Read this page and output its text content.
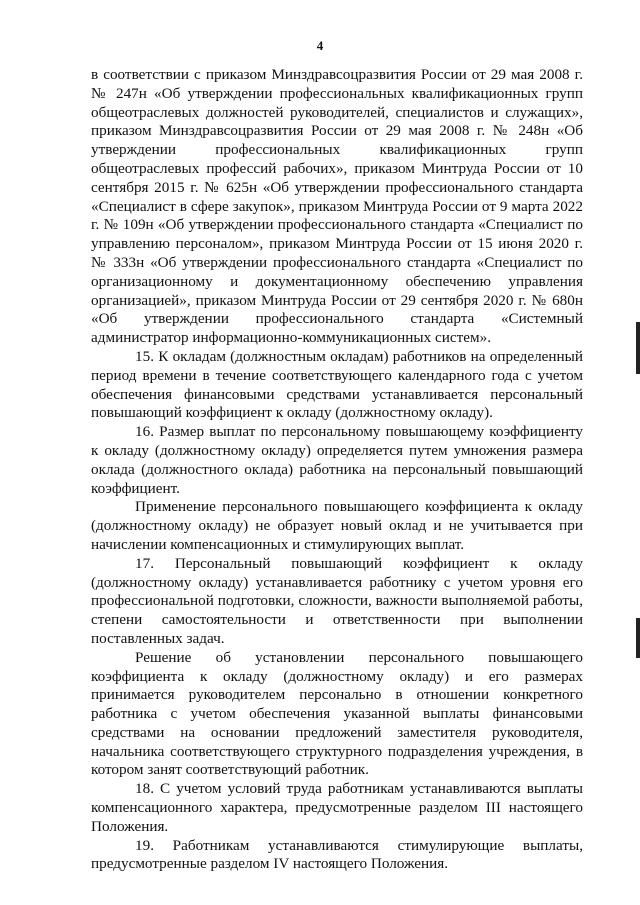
4

в соответствии с приказом Минздравсоцразвития России от 29 мая 2008 г. № 247н «Об утверждении профессиональных квалификационных групп общеотраслевых должностей руководителей, специалистов и служащих», приказом Минздравсоцразвития России от 29 мая 2008 г. № 248н «Об утверждении профессиональных квалификационных групп общеотраслевых профессий рабочих», приказом Минтруда России от 10 сентября 2015 г. № 625н «Об утверждении профессионального стандарта «Специалист в сфере закупок», приказом Минтруда России от 9 марта 2022 г. № 109н «Об утверждении профессионального стандарта «Специалист по управлению персоналом», приказом Минтруда России от 15 июня 2020 г. № 333н «Об утверждении профессионального стандарта «Специалист по организационному и документационному обеспечению управления организацией», приказом Минтруда России от 29 сентября 2020 г. № 680н «Об утверждении профессионального стандарта «Системный администратор информационно-коммуникационных систем».

15. К окладам (должностным окладам) работников на определенный период времени в течение соответствующего календарного года с учетом обеспечения финансовыми средствами устанавливается персональный повышающий коэффициент к окладу (должностному окладу).

16. Размер выплат по персональному повышающему коэффициенту к окладу (должностному окладу) определяется путем умножения размера оклада (должностного оклада) работника на персональный повышающий коэффициент.

Применение персонального повышающего коэффициента к окладу (должностному окладу) не образует новый оклад и не учитывается при начислении компенсационных и стимулирующих выплат.

17. Персональный повышающий коэффициент к окладу (должностному окладу) устанавливается работнику с учетом уровня его профессиональной подготовки, сложности, важности выполняемой работы, степени самостоятельности и ответственности при выполнении поставленных задач.

Решение об установлении персонального повышающего коэффициента к окладу (должностному окладу) и его размерах принимается руководителем персонально в отношении конкретного работника с учетом обеспечения указанной выплаты финансовыми средствами на основании предложений заместителя руководителя, начальника соответствующего структурного подразделения учреждения, в котором занят соответствующий работник.

18. С учетом условий труда работникам устанавливаются выплаты компенсационного характера, предусмотренные разделом III настоящего Положения.

19. Работникам устанавливаются стимулирующие выплаты, предусмотренные разделом IV настоящего Положения.
